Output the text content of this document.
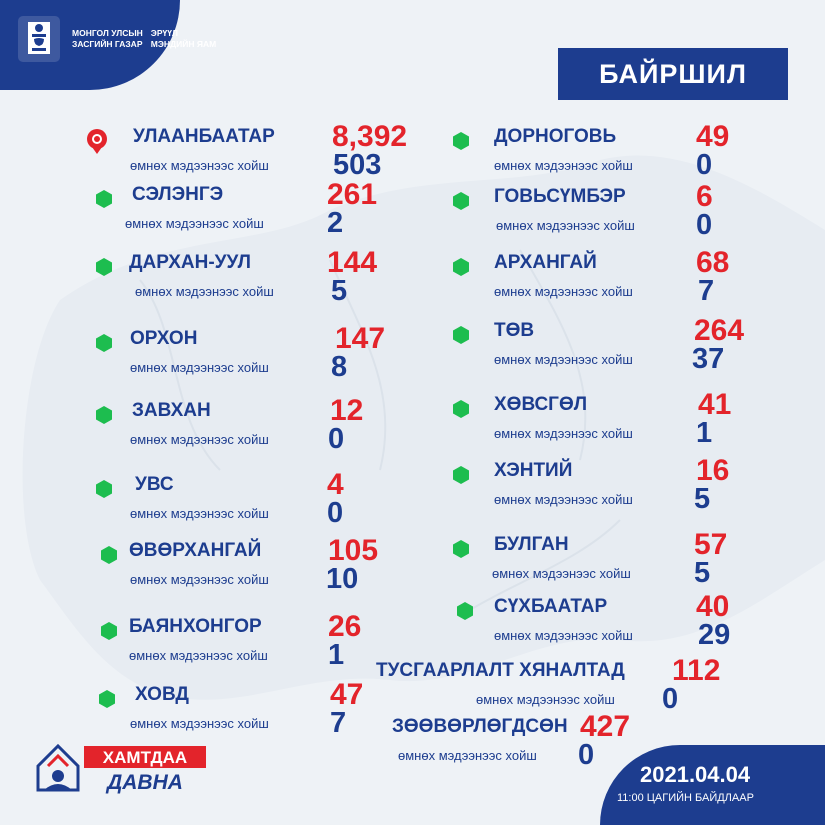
МОНГОЛ УЛСЫН
ЗАСГИЙН ГАЗАР
ЭРҮҮЛ
МЭНДИЙН ЯАМ
БАЙРШИЛ
УЛААНБААТАР
өмнөх мэдээнээс хойш
8,392
503
СЭЛЭНГЭ
өмнөх мэдээнээс хойш
261
2
ДАРХАН-УУЛ
өмнөх мэдээнээс хойш
144
5
ОРХОН
өмнөх мэдээнээс хойш
147
8
ЗАВХАН
өмнөх мэдээнээс хойш
12
0
УВС
өмнөх мэдээнээс хойш
4
0
ӨВӨРХАНГАЙ
өмнөх мэдээнээс хойш
105
10
БАЯНХОНГОР
өмнөх мэдээнээс хойш
26
1
ХОВД
өмнөх мэдээнээс хойш
47
7
ДОРНОГОВЬ
өмнөх мэдээнээс хойш
49
0
ГОВЬСҮМБЭР
өмнөх мэдээнээс хойш
6
0
АРХАНГАЙ
өмнөх мэдээнээс хойш
68
7
ТӨВ
өмнөх мэдээнээс хойш
264
37
ХӨВСГӨЛ
өмнөх мэдээнээс хойш
41
1
ХЭНТИЙ
өмнөх мэдээнээс хойш
16
5
БУЛГАН
өмнөх мэдээнээс хойш
57
5
СҮХБААТАР
өмнөх мэдээнээс хойш
40
29
ТУСГААРЛАЛТ ХЯНАЛТАД
өмнөх мэдээнээс хойш
112
0
ЗӨӨВӨРЛӨГДСӨН
өмнөх мэдээнээс хойш
427
0
ХАМТДАА
ДАВНА	2021.04.04
11:00 ЦАГИЙН БАЙДЛААР
